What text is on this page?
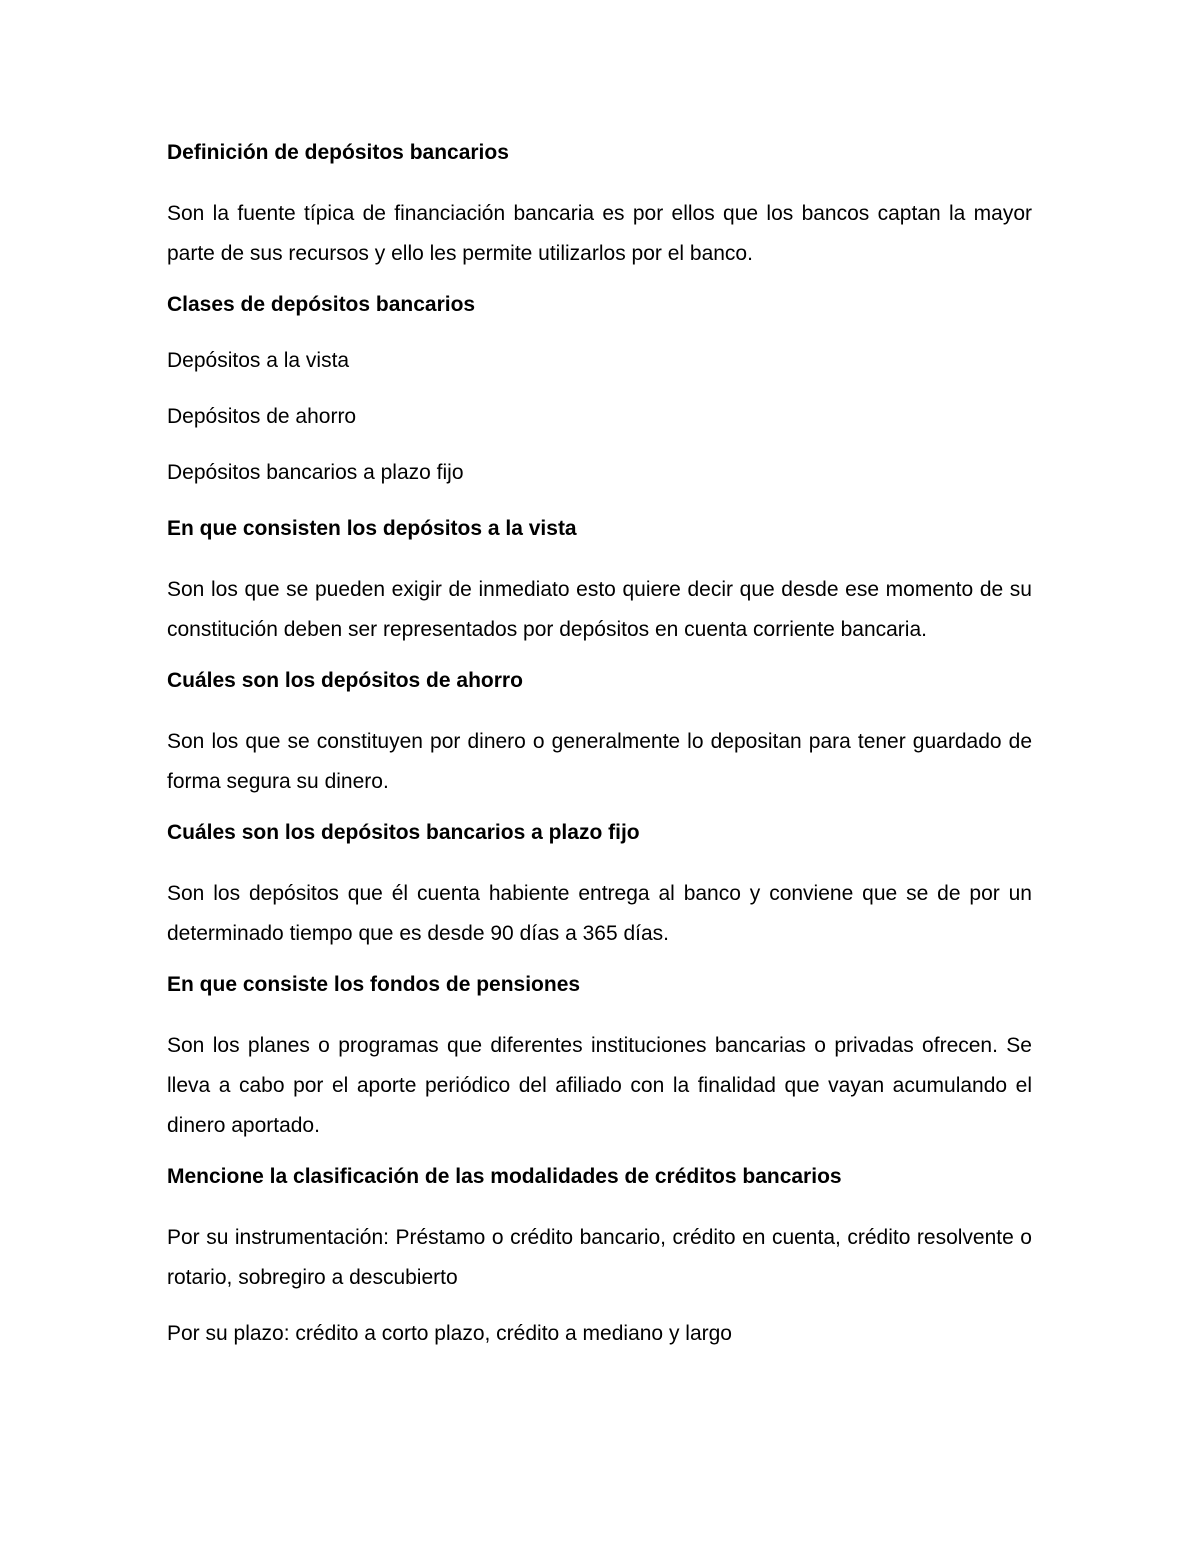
Definición de depósitos bancarios
Son la fuente típica de financiación bancaria es por ellos que los bancos captan la mayor parte de sus recursos y ello les permite utilizarlos por el banco.
Clases de depósitos bancarios
Depósitos a la vista
Depósitos de ahorro
Depósitos bancarios a plazo fijo
En que consisten los depósitos a la vista
Son los que se pueden exigir de inmediato esto quiere decir que desde ese momento de su constitución deben ser representados por depósitos en cuenta corriente bancaria.
Cuáles son los depósitos de ahorro
Son los que se constituyen por dinero o generalmente lo depositan para tener guardado de forma segura su dinero.
Cuáles son los depósitos bancarios a plazo fijo
Son los depósitos que él cuenta habiente entrega al banco y conviene que se de por un determinado tiempo que es desde 90 días a 365 días.
En que consiste los fondos de pensiones
Son los planes o programas que diferentes instituciones bancarias o privadas ofrecen. Se lleva a cabo por el aporte periódico del afiliado con la finalidad que vayan acumulando el dinero aportado.
Mencione la clasificación de las modalidades de créditos bancarios
Por su instrumentación: Préstamo o crédito bancario, crédito en cuenta, crédito resolvente o rotario, sobregiro a descubierto
Por su plazo: crédito a corto plazo, crédito a mediano y largo
